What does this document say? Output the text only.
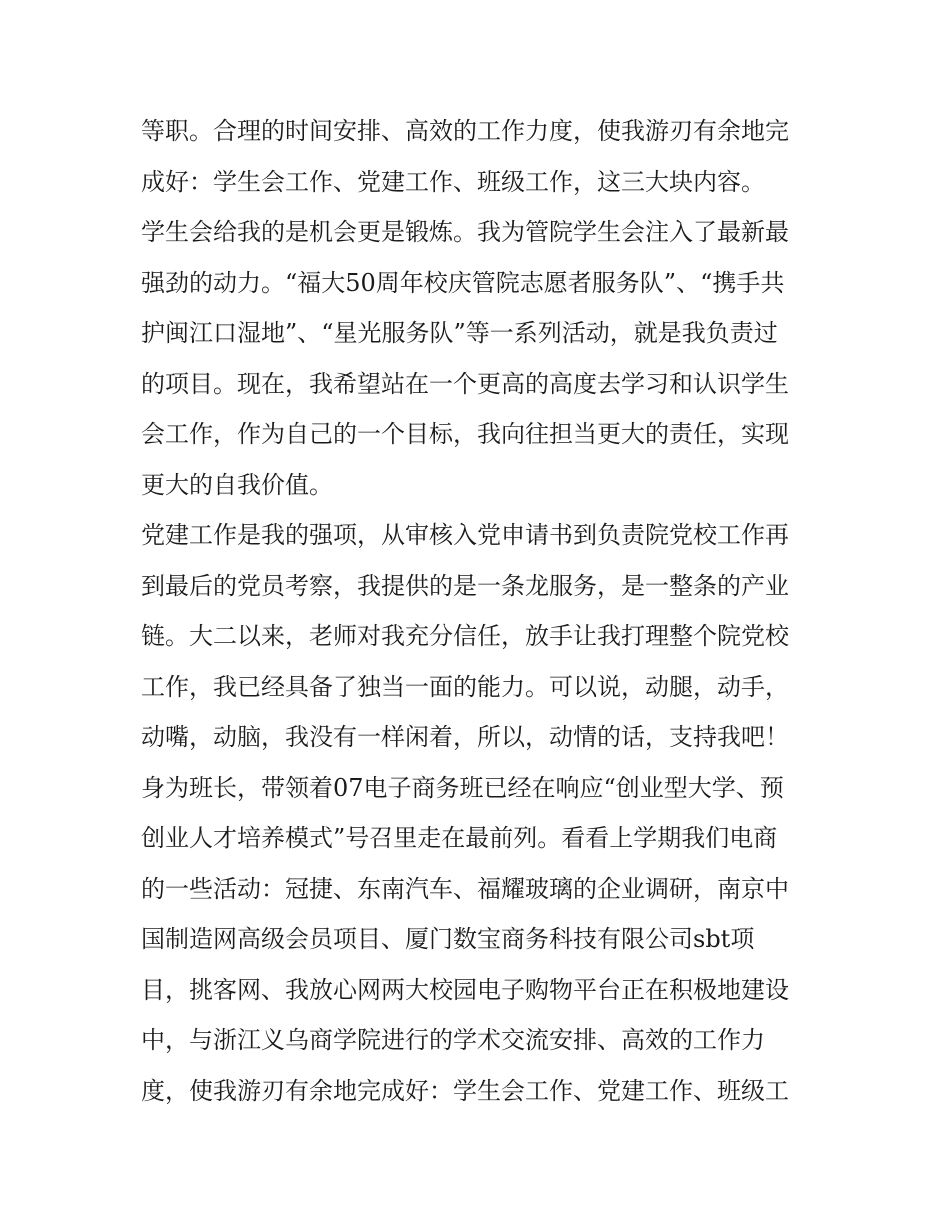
等职。合理的时间安排、高效的工作力度，使我游刃有余地完
成好：学生会工作、党建工作、班级工作，这三大块内容。
学生会给我的是机会更是锻炼。我为管院学生会注入了最新最
强劲的动力。“福大50周年校庆管院志愿者服务队”、“携手共
护闽江口湿地”、“星光服务队”等一系列活动，就是我负责过
的项目。现在，我希望站在一个更高的高度去学习和认识学生
会工作，作为自己的一个目标，我向往担当更大的责任，实现
更大的自我价值。
党建工作是我的强项，从审核入党申请书到负责院党校工作再
到最后的党员考察，我提供的是一条龙服务，是一整条的产业
链。大二以来，老师对我充分信任，放手让我打理整个院党校
工作，我已经具备了独当一面的能力。可以说，动腿，动手，
动嘴，动脑，我没有一样闲着，所以，动情的话，支持我吧！
身为班长，带领着07电子商务班已经在响应“创业型大学、预
创业人才培养模式”号召里走在最前列。看看上学期我们电商
的一些活动：冠捷、东南汽车、福耀玻璃的企业调研，南京中
国制造网高级会员项目、厦门数宝商务科技有限公司sbt项
目，挑客网、我放心网两大校园电子购物平台正在积极地建设
中，与浙江义乌商学院进行的学术交流安排、高效的工作力
度，使我游刃有余地完成好：学生会工作、党建工作、班级工
